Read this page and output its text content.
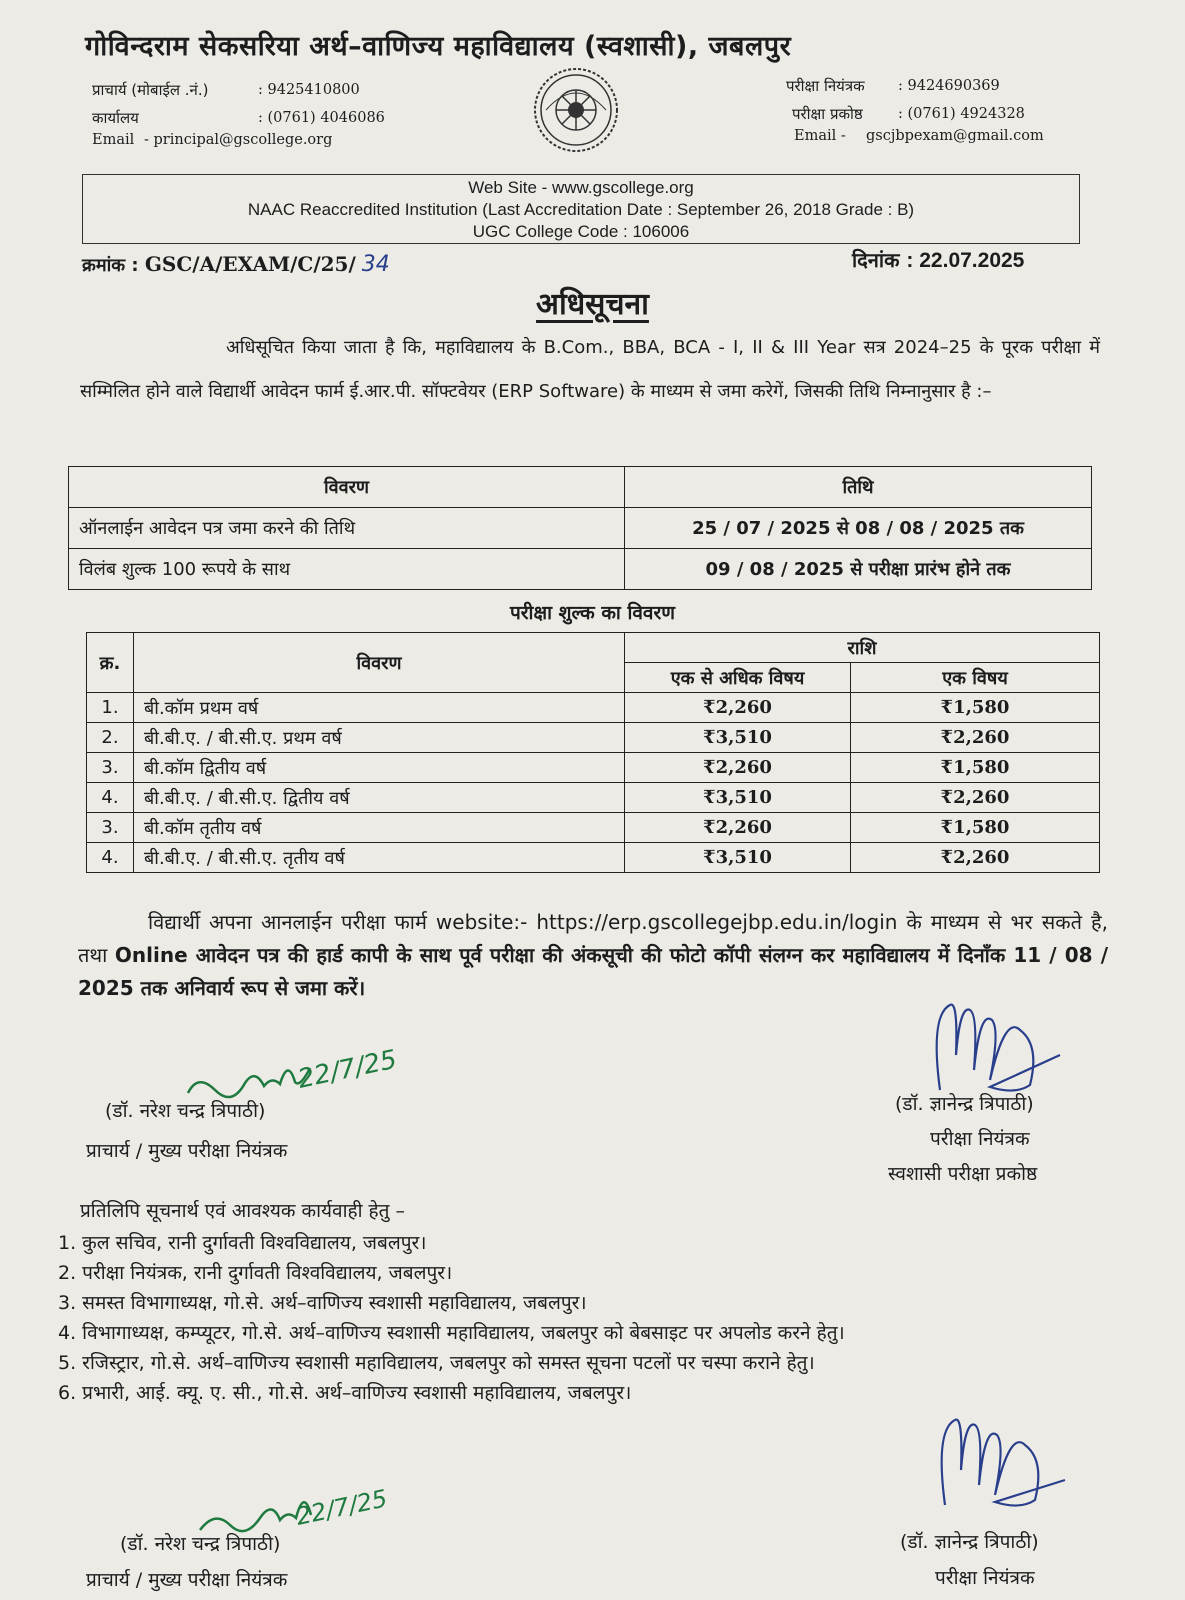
गोविन्दराम सेकसरिया अर्थ–वाणिज्य महाविद्यालय (स्वशासी), जबलपुर
प्राचार्य (मोबाईल .नं.)	: 9425410800
कार्यालय	: (0761) 4046086
Email - principal@gscollege.org
परीक्षा नियंत्रक : 9424690369
परीक्षा प्रकोष्ठ : (0761) 4924328
Email - gscjbpexam@gmail.com
Web Site - www.gscollege.org
NAAC Reaccredited Institution (Last Accreditation Date : September 26, 2018 Grade : B)
UGC College Code : 106006
क्रमांक : GSC/A/EXAM/C/25/ 34	दिनांक : 22.07.2025
अधिसूचना
अधिसूचित किया जाता है कि, महाविद्यालय के B.Com., BBA, BCA - I, II & III Year सत्र 2024–25 के पूरक परीक्षा में सम्मिलित होने वाले विद्यार्थी आवेदन फार्म ई.आर.पी. सॉफ्टवेयर (ERP Software) के माध्यम से जमा करेगें, जिसकी तिथि निम्नानुसार है :–
विवरण	तिथि
ऑनलाईन आवेदन पत्र जमा करने की तिथि	25 / 07 / 2025 से 08 / 08 / 2025 तक
विलंब शुल्क 100 रूपये के साथ	09 / 08 / 2025 से परीक्षा प्रारंभ होने तक
परीक्षा शुल्क का विवरण
क्र.	विवरण	राशि	
		एक से अधिक विषय	एक विषय
1.	बी.कॉम प्रथम वर्ष	₹2,260	₹1,580
2.	बी.बी.ए. / बी.सी.ए. प्रथम वर्ष	₹3,510	₹2,260
3.	बी.कॉम द्वितीय वर्ष	₹2,260	₹1,580
4.	बी.बी.ए. / बी.सी.ए. द्वितीय वर्ष	₹3,510	₹2,260
3.	बी.कॉम तृतीय वर्ष	₹2,260	₹1,580
4.	बी.बी.ए. / बी.सी.ए. तृतीय वर्ष	₹3,510	₹2,260
विद्यार्थी अपना आनलाईन परीक्षा फार्म website:- https://erp.gscollegejbp.edu.in/login के माध्यम से भर सकते है, तथा Online आवेदन पत्र की हार्ड कापी के साथ पूर्व परीक्षा की अंकसूची की फोटो कॉपी संलग्न कर महाविद्यालय में दिनाँक 11 / 08 / 2025 तक अनिवार्य रूप से जमा करें।
22/7/25
(डॉ. नरेश चन्द्र त्रिपाठी)
प्राचार्य / मुख्य परीक्षा नियंत्रक
(डॉ. ज्ञानेन्द्र त्रिपाठी)
परीक्षा नियंत्रक
स्वशासी परीक्षा प्रकोष्ठ
प्रतिलिपि सूचनार्थ एवं आवश्यक कार्यवाही हेतु –
1. कुल सचिव, रानी दुर्गावती विश्वविद्यालय, जबलपुर।
2. परीक्षा नियंत्रक, रानी दुर्गावती विश्वविद्यालय, जबलपुर।
3. समस्त विभागाध्यक्ष, गो.से. अर्थ–वाणिज्य स्वशासी महाविद्यालय, जबलपुर।
4. विभागाध्यक्ष, कम्प्यूटर, गो.से. अर्थ–वाणिज्य स्वशासी महाविद्यालय, जबलपुर को बेबसाइट पर अपलोड करने हेतु।
5. रजिस्ट्रार, गो.से. अर्थ–वाणिज्य स्वशासी महाविद्यालय, जबलपुर को समस्त सूचना पटलों पर चस्पा कराने हेतु।
6. प्रभारी, आई. क्यू. ए. सी., गो.से. अर्थ–वाणिज्य स्वशासी महाविद्यालय, जबलपुर।
22/7/25
(डॉ. नरेश चन्द्र त्रिपाठी)
प्राचार्य / मुख्य परीक्षा नियंत्रक
(डॉ. ज्ञानेन्द्र त्रिपाठी)
परीक्षा नियंत्रक
